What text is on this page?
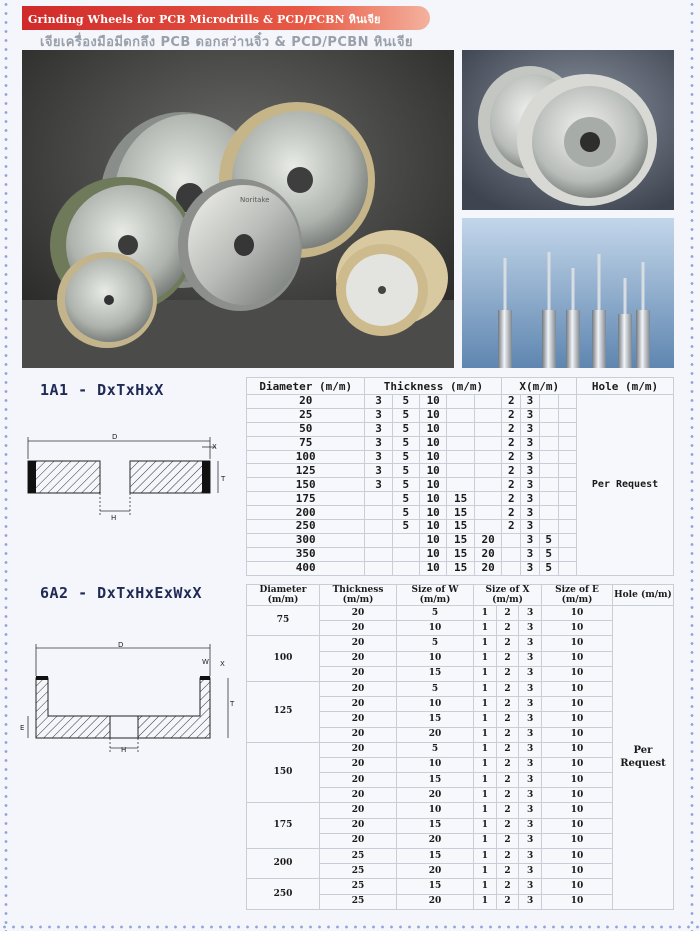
Grinding Wheels for PCB Microdrills & PCD/PCBN หินเจีย
เจียเครื่องมือมีดกลึง PCB ดอกสว่านจิ๋ว & PCD/PCBN หินเจีย
Noritake
1A1 - DxTxHxX
D
X
H
T
Diameter (m/m)	Thickness (m/m)					X(m/m)				Hole (m/m)
20	3	5	10			2	3			Per Request
25	3	5	10			2	3			
50	3	5	10			2	3			
75	3	5	10			2	3			
100	3	5	10			2	3			
125	3	5	10			2	3			
150	3	5	10			2	3			
175		5	10	15		2	3			
200		5	10	15		2	3			
250		5	10	15		2	3			
300			10	15	20		3	5		
350			10	15	20		3	5		
400			10	15	20		3	5		
6A2 - DxTxHxExWxX
D
W X
H
T
E
Diameter (m/m)	Thickness (m/m)	Size of W (m/m)	Size of X (m/m)			Size of E (m/m)	Hole (m/m)
75	20	5	1	2	3	10	Per Request
	20	10	1	2	3	10	
100	20	5	1	2	3	10	
	20	10	1	2	3	10	
	20	15	1	2	3	10	
125	20	5	1	2	3	10	
	20	10	1	2	3	10	
	20	15	1	2	3	10	
	20	20	1	2	3	10	
150	20	5	1	2	3	10	
	20	10	1	2	3	10	
	20	15	1	2	3	10	
	20	20	1	2	3	10	
175	20	10	1	2	3	10	
	20	15	1	2	3	10	
	20	20	1	2	3	10	
200	25	15	1	2	3	10	
	25	20	1	2	3	10	
250	25	15	1	2	3	10	
	25	20	1	2	3	10	
